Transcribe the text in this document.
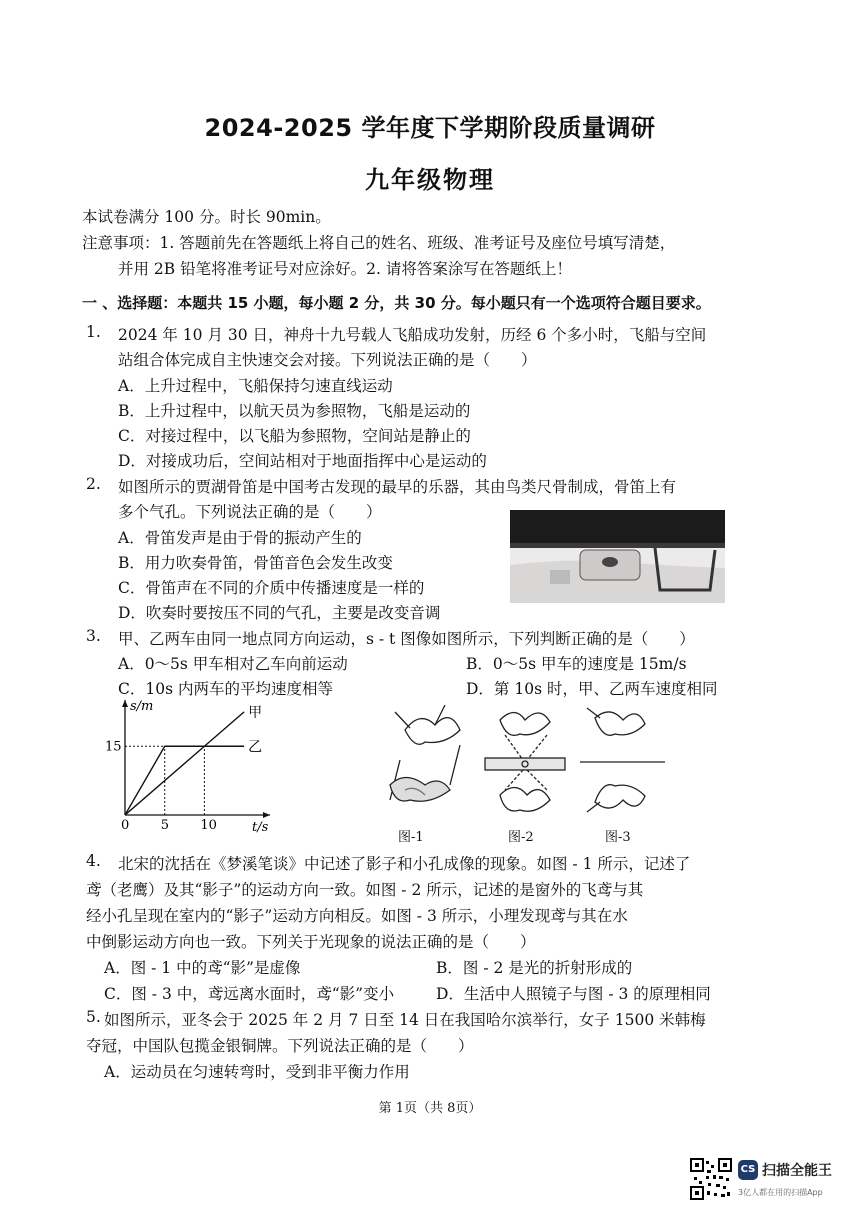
2024-2025 学年度下学期阶段质量调研
九年级物理
本试卷满分 100 分。时长 90min。
注意事项：1. 答题前先在答题纸上将自己的姓名、班级、准考证号及座位号填写清楚，
并用 2B 铅笔将准考证号对应涂好。2. 请将答案涂写在答题纸上！
一 、选择题：本题共 15 小题，每小题 2 分，共 30 分。每小题只有一个选项符合题目要求。
1. 2024 年 10 月 30 日，神舟十九号载人飞船成功发射，历经 6 个多小时，飞船与空间
站组合体完成自主快速交会对接。下列说法正确的是（　　）
A．上升过程中，飞船保持匀速直线运动
B．上升过程中，以航天员为参照物，飞船是运动的
C．对接过程中，以飞船为参照物，空间站是静止的
D．对接成功后，空间站相对于地面指挥中心是运动的
2. 如图所示的贾湖骨笛是中国考古发现的最早的乐器，其由鸟类尺骨制成，骨笛上有
多个气孔。下列说法正确的是（　　）
A．骨笛发声是由于骨的振动产生的
B．用力吹奏骨笛，骨笛音色会发生改变
C．骨笛声在不同的介质中传播速度是一样的
D．吹奏时要按压不同的气孔，主要是改变音调
3. 甲、乙两车由同一地点同方向运动，s - t 图像如图所示，下列判断正确的是（　　）
A．0～5s 甲车相对乙车向前运动	B．0～5s 甲车的速度是 15m/s
C．10s 内两车的平均速度相等	D．第 10s 时，甲、乙两车速度相同
s/m
t/s
0 5 10
15
甲
乙
图-1	图-2	图-3
4. 北宋的沈括在《梦溪笔谈》中记述了影子和小孔成像的现象。如图 - 1 所示，记述了
鸢（老鹰）及其“影子”的运动方向一致。如图 - 2 所示，记述的是窗外的飞鸢与其
经小孔呈现在室内的“影子”运动方向相反。如图 - 3 所示，小理发现鸢与其在水
中倒影运动方向也一致。下列关于光现象的说法正确的是（　　）
A．图 - 1 中的鸢“影”是虚像	B．图 - 2 是光的折射形成的
C．图 - 3 中，鸢远离水面时，鸢“影”变小	D．生活中人照镜子与图 - 3 的原理相同
5. 如图所示，亚冬会于 2025 年 2 月 7 日至 14 日在我国哈尔滨举行，女子 1500 米韩梅
夺冠，中国队包揽金银铜牌。下列说法正确的是（　　）
A．运动员在匀速转弯时，受到非平衡力作用
第 1页（共 8页）
CS 扫描全能王
3亿人都在用的扫描App
